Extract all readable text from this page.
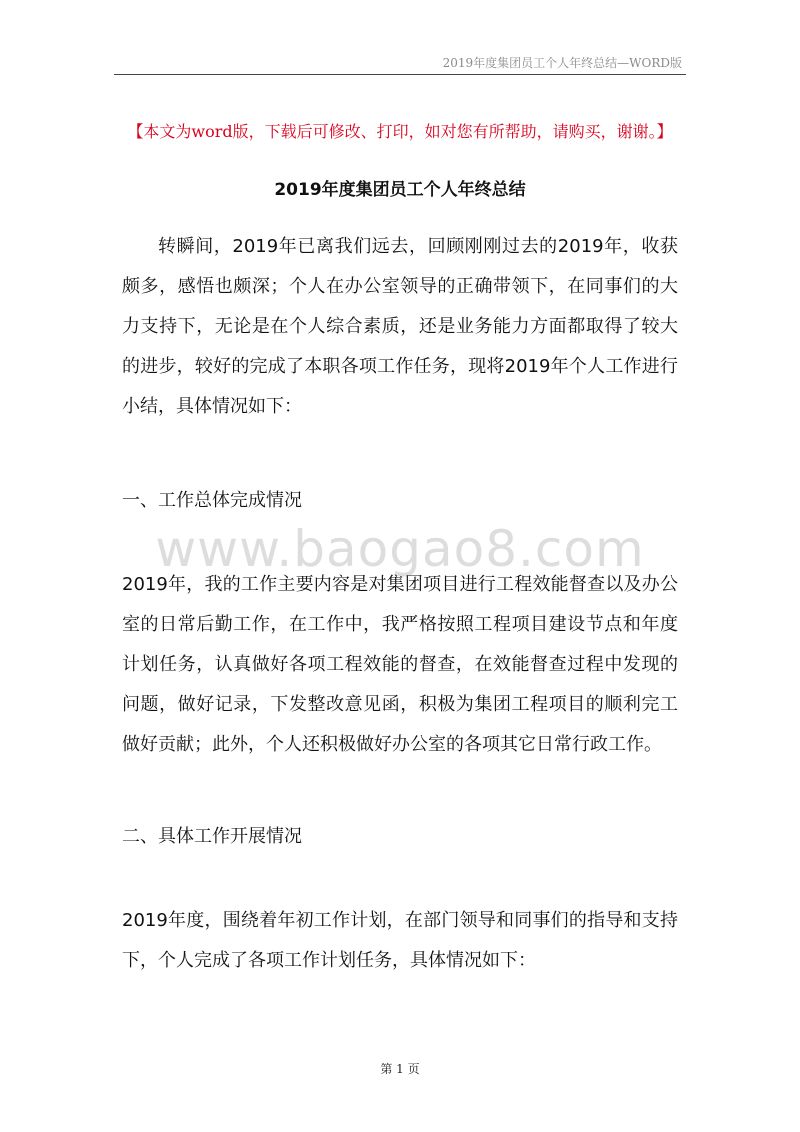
2019年度集团员工个人年终总结—WORD版
【本文为word版，下载后可修改、打印，如对您有所帮助，请购买，谢谢。】
2019年度集团员工个人年终总结

转瞬间，2019年已离我们远去，回顾刚刚过去的2019年，收获颇多，感悟也颇深；个人在办公室领导的正确带领下，在同事们的大力支持下，无论是在个人综合素质，还是业务能力方面都取得了较大的进步，较好的完成了本职各项工作任务，现将2019年个人工作进行小结，具体情况如下：

一、工作总体完成情况

www.baogao8.com

2019年，我的工作主要内容是对集团项目进行工程效能督查以及办公室的日常后勤工作，在工作中，我严格按照工程项目建设节点和年度计划任务，认真做好各项工程效能的督查，在效能督查过程中发现的问题，做好记录，下发整改意见函，积极为集团工程项目的顺利完工做好贡献；此外，个人还积极做好办公室的各项其它日常行政工作。

二、具体工作开展情况

2019年度，围绕着年初工作计划，在部门领导和同事们的指导和支持下，个人完成了各项工作计划任务，具体情况如下：

第 1 页
